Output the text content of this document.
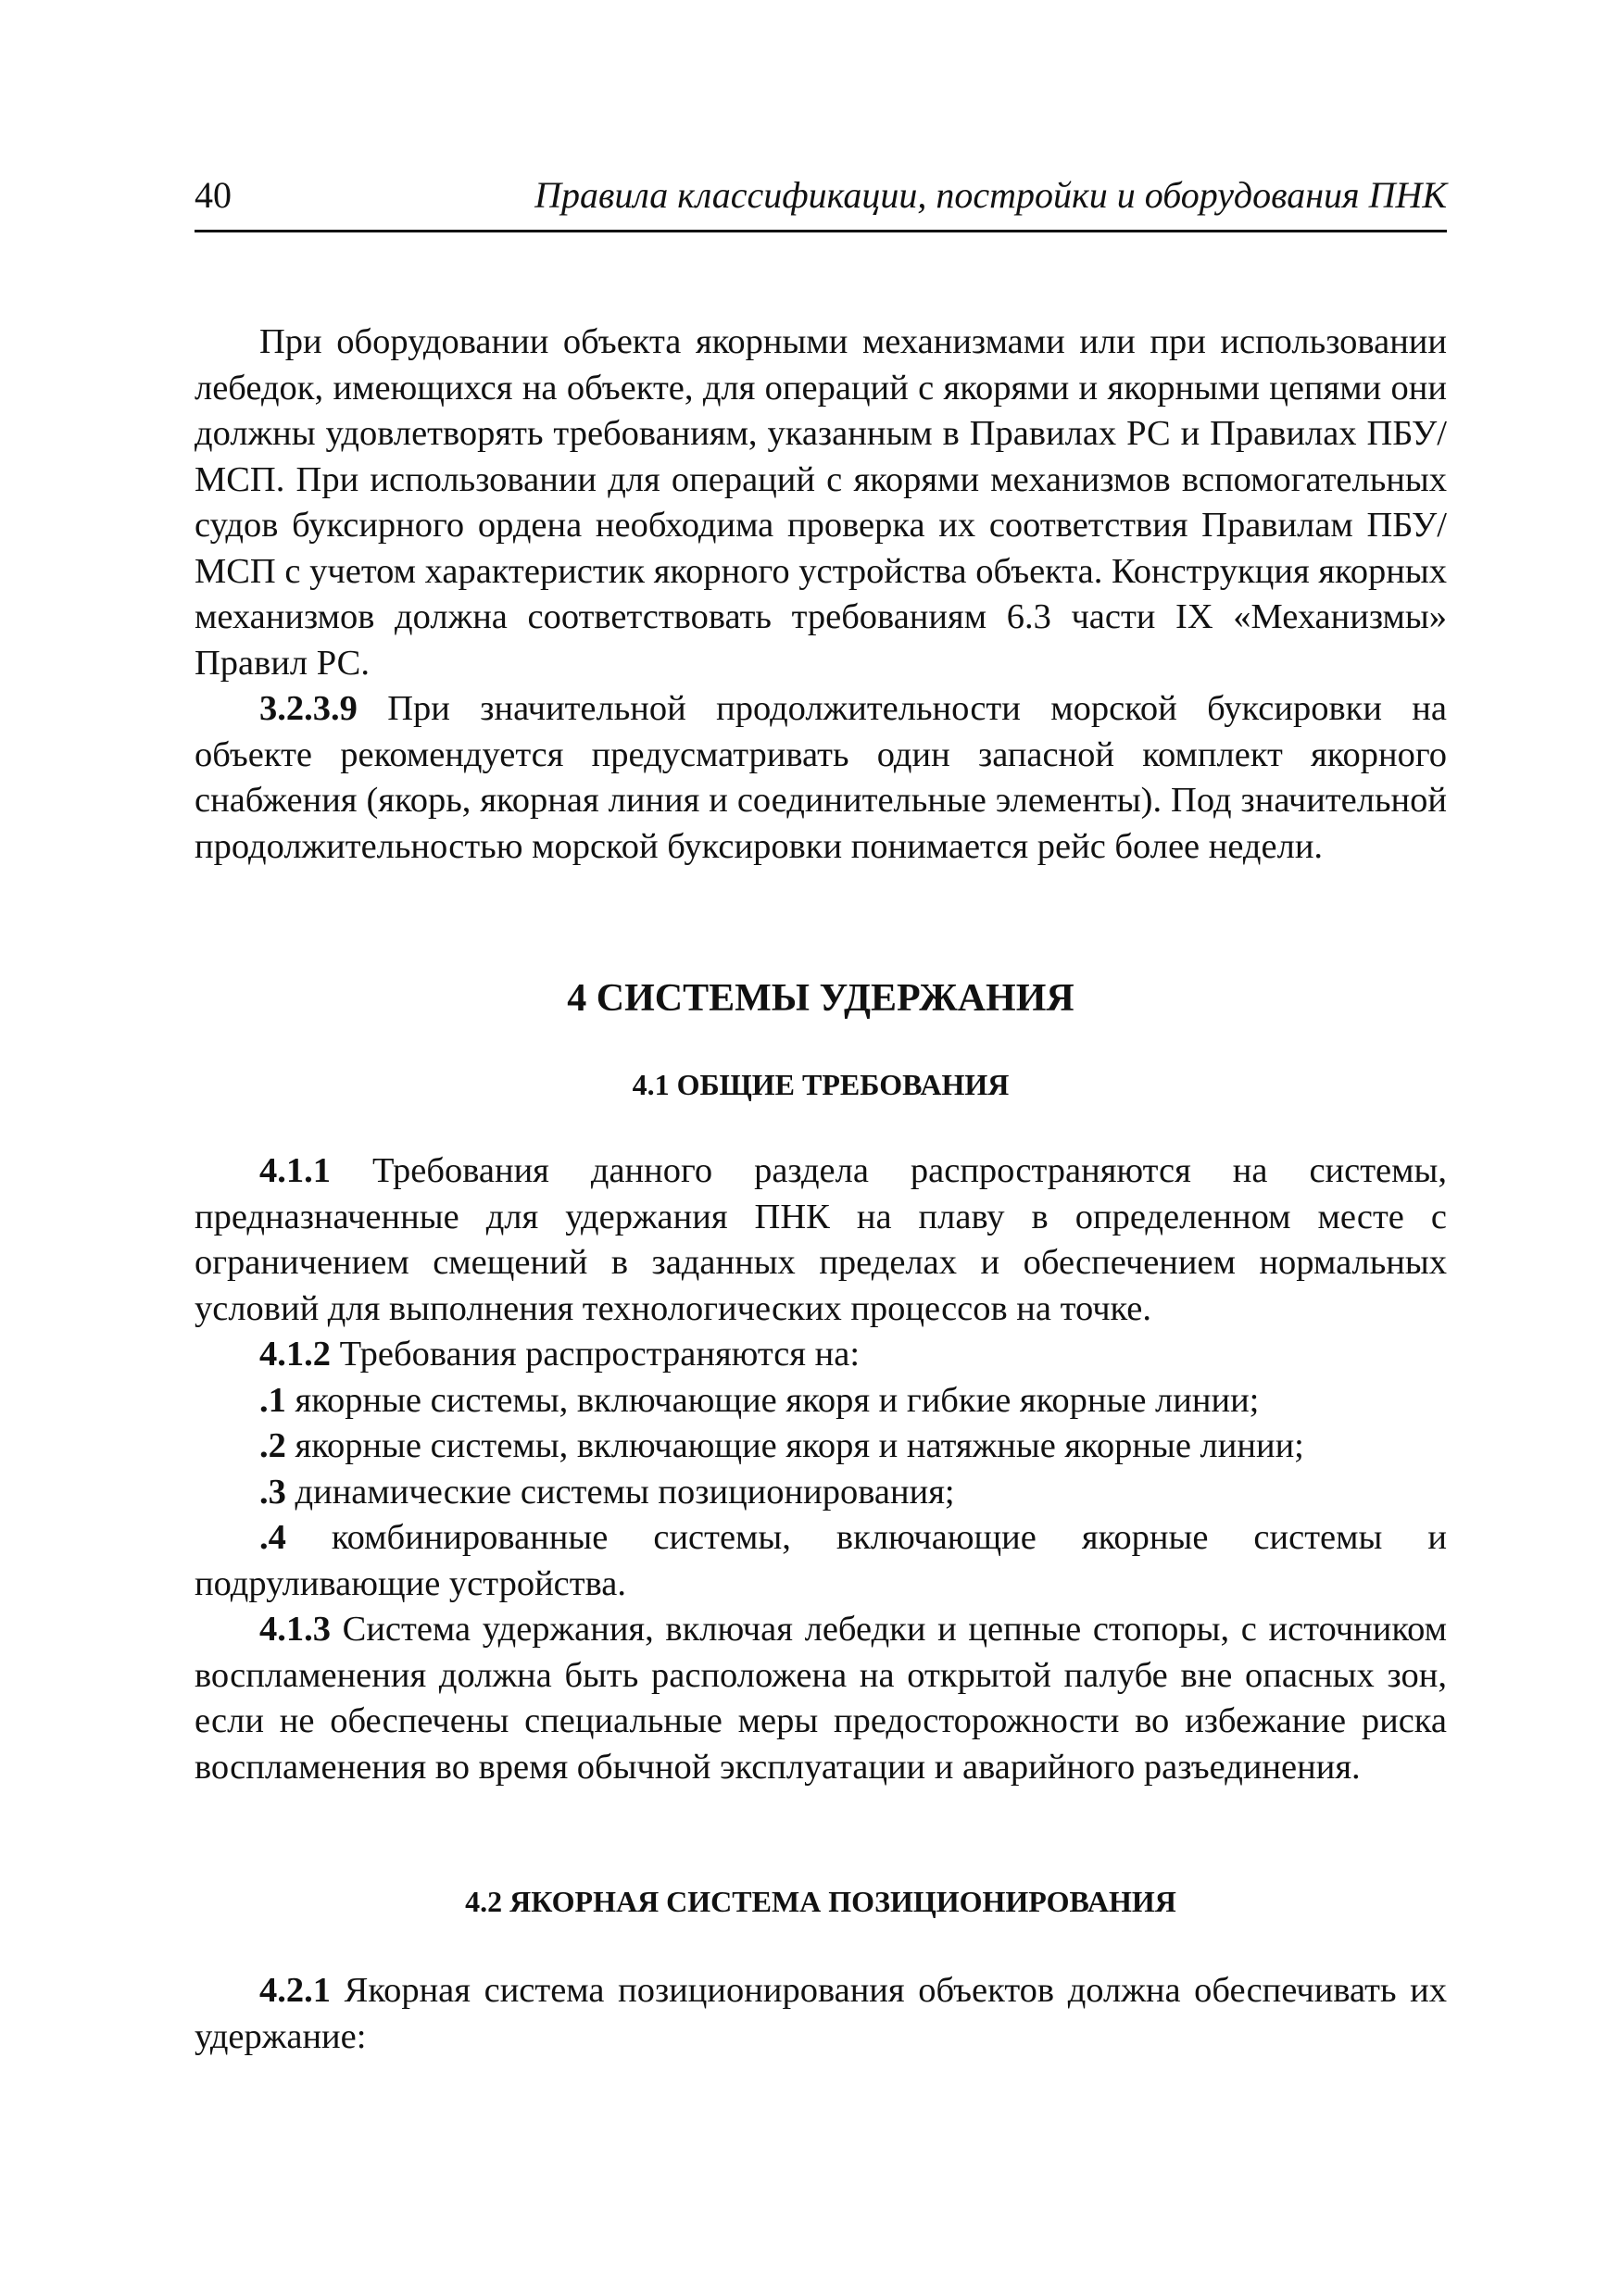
40	Правила классификации, постройки и оборудования ПНК

При оборудовании объекта якорными механизмами или при использовании лебедок, имеющихся на объекте, для операций с якорями и якорными цепями они должны удовлетворять требованиям, указанным в Правилах РС и Правилах ПБУ/МСП. При использовании для операций с якорями механизмов вспомогательных судов буксирного ордена необходима проверка их соответствия Правилам ПБУ/МСП с учетом характеристик якорного устройства объекта. Конструкция якорных механизмов должна соответствовать требованиям 6.3 части IX «Механизмы» Правил РС.

3.2.3.9 При значительной продолжительности морской буксировки на объекте рекомендуется предусматривать один запасной комплект якорного снабжения (якорь, якорная линия и соединительные элементы). Под значительной продолжительностью морской буксировки понимается рейс более недели.

4 СИСТЕМЫ УДЕРЖАНИЯ
4.1 ОБЩИЕ ТРЕБОВАНИЯ

4.1.1 Требования данного раздела распространяются на системы, предназначенные для удержания ПНК на плаву в определенном месте с ограничением смещений в заданных пределах и обеспечением нормальных условий для выполнения технологических процессов на точке.

4.1.2 Требования распространяются на:

.1 якорные системы, включающие якоря и гибкие якорные линии;

.2 якорные системы, включающие якоря и натяжные якорные линии;

.3 динамические системы позиционирования;

.4 комбинированные системы, включающие якорные системы и подруливающие устройства.

4.1.3 Система удержания, включая лебедки и цепные стопоры, с источником воспламенения должна быть расположена на открытой палубе вне опасных зон, если не обеспечены специальные меры предосторожности во избежание риска воспламенения во время обычной эксплуатации и аварийного разъединения.

4.2 ЯКОРНАЯ СИСТЕМА ПОЗИЦИОНИРОВАНИЯ

4.2.1 Якорная система позиционирования объектов должна обеспечивать их удержание:
